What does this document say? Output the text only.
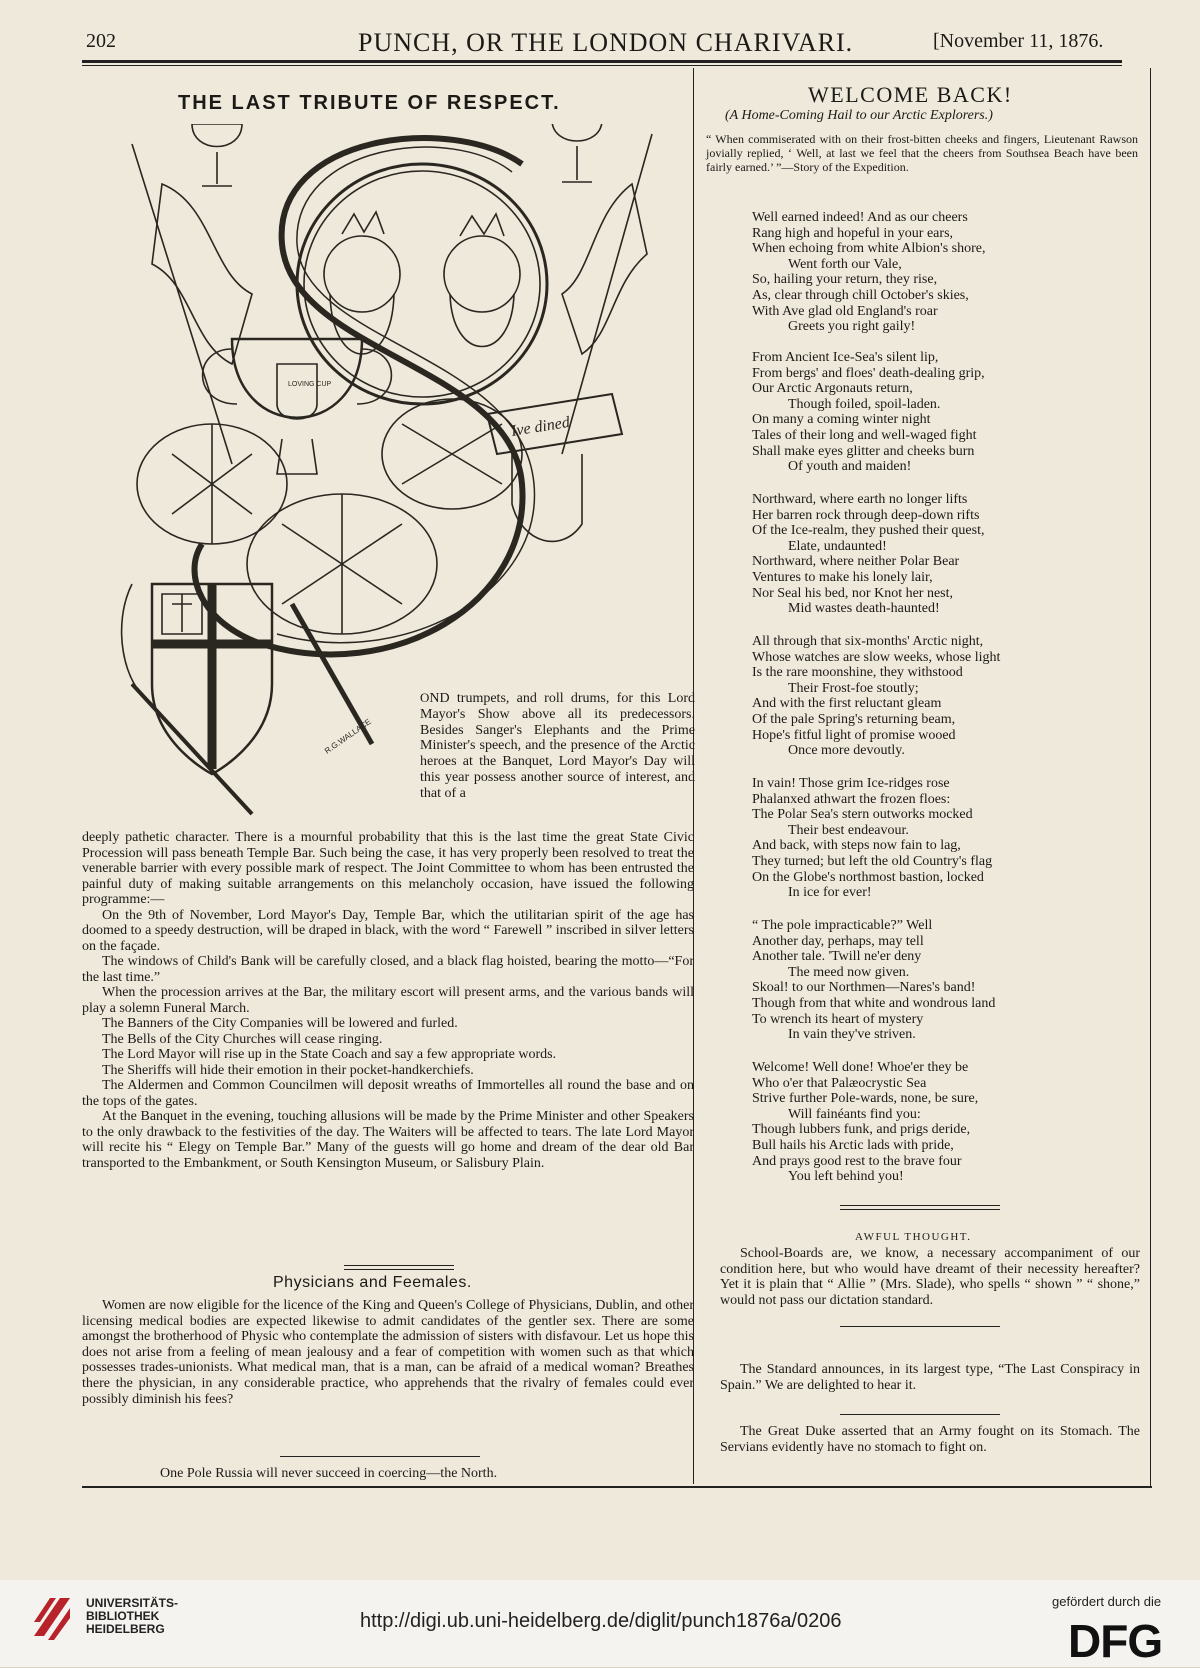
202	PUNCH, OR THE LONDON CHARIVARI.	[November 11, 1876.
THE LAST TRIBUTE OF RESPECT.
LOVING CUP
Ive dined
R.G.WALLACE
OND trumpets, and roll drums, for this Lord Mayor's Show above all its predecessors. Besides Sanger's Elephants and the Prime Minister's speech, and the presence of the Arctic heroes at the Banquet, Lord Mayor's Day will this year possess another source of interest, and that of a

deeply pathetic character. There is a mournful probability that this is the last time the great State Civic Procession will pass beneath Temple Bar. Such being the case, it has very properly been resolved to treat the venerable barrier with every possible mark of respect. The Joint Committee to whom has been entrusted the painful duty of making suitable arrangements on this melancholy occasion, have issued the following programme:—

On the 9th of November, Lord Mayor's Day, Temple Bar, which the utilitarian spirit of the age has doomed to a speedy destruction, will be draped in black, with the word “ Farewell ” inscribed in silver letters on the façade.

The windows of Child's Bank will be carefully closed, and a black flag hoisted, bearing the motto—“For the last time.”

When the procession arrives at the Bar, the military escort will present arms, and the various bands will play a solemn Funeral March.

The Banners of the City Companies will be lowered and furled.

The Bells of the City Churches will cease ringing.

The Lord Mayor will rise up in the State Coach and say a few appropriate words.

The Sheriffs will hide their emotion in their pocket-handkerchiefs.

The Aldermen and Common Councilmen will deposit wreaths of Immortelles all round the base and on the tops of the gates.

At the Banquet in the evening, touching allusions will be made by the Prime Minister and other Speakers to the only drawback to the festivities of the day. The Waiters will be affected to tears. The late Lord Mayor will recite his “ Elegy on Temple Bar.” Many of the guests will go home and dream of the dear old Bar transported to the Embankment, or South Kensington Museum, or Salisbury Plain.

Physicians and Feemales.
Women are now eligible for the licence of the King and Queen's College of Physicians, Dublin, and other licensing medical bodies are expected likewise to admit candidates of the gentler sex. There are some amongst the brotherhood of Physic who contemplate the admission of sisters with disfavour. Let us hope this does not arise from a feeling of mean jealousy and a fear of competition with women such as that which possesses trades-unionists. What medical man, that is a man, can be afraid of a medical woman? Breathes there the physician, in any considerable practice, who apprehends that the rivalry of females could ever possibly diminish his fees?
One Pole Russia will never succeed in coercing—the North.
WELCOME BACK!
(A Home-Coming Hail to our Arctic Explorers.)
“ When commiserated with on their frost-bitten cheeks and fingers, Lieutenant Rawson jovially replied, ‘ Well, at last we feel that the cheers from Southsea Beach have been fairly earned.’ ”—Story of the Expedition.
Well earned indeed! And as our cheers
Rang high and hopeful in your ears,
When echoing from white Albion's shore,
Went forth our Vale,
So, hailing your return, they rise,
As, clear through chill October's skies,
With Ave glad old England's roar
Greets you right gaily!
From Ancient Ice-Sea's silent lip,
From bergs' and floes' death-dealing grip,
Our Arctic Argonauts return,
Though foiled, spoil-laden.
On many a coming winter night
Tales of their long and well-waged fight
Shall make eyes glitter and cheeks burn
Of youth and maiden!
Northward, where earth no longer lifts
Her barren rock through deep-down rifts
Of the Ice-realm, they pushed their quest,
Elate, undaunted!
Northward, where neither Polar Bear
Ventures to make his lonely lair,
Nor Seal his bed, nor Knot her nest,
Mid wastes death-haunted!
All through that six-months' Arctic night,
Whose watches are slow weeks, whose light
Is the rare moonshine, they withstood
Their Frost-foe stoutly;
And with the first reluctant gleam
Of the pale Spring's returning beam,
Hope's fitful light of promise wooed
Once more devoutly.
In vain! Those grim Ice-ridges rose
Phalanxed athwart the frozen floes:
The Polar Sea's stern outworks mocked
Their best endeavour.
And back, with steps now fain to lag,
They turned; but left the old Country's flag
On the Globe's northmost bastion, locked
In ice for ever!
“ The pole impracticable?” Well
Another day, perhaps, may tell
Another tale. 'Twill ne'er deny
The meed now given.
Skoal! to our Northmen—Nares's band!
Though from that white and wondrous land
To wrench its heart of mystery
In vain they've striven.
Welcome! Well done! Whoe'er they be
Who o'er that Palæocrystic Sea
Strive further Pole-wards, none, be sure,
Will fainéants find you:
Though lubbers funk, and prigs deride,
Bull hails his Arctic lads with pride,
And prays good rest to the brave four
You left behind you!
AWFUL THOUGHT.
School-Boards are, we know, a necessary accompaniment of our condition here, but who would have dreamt of their necessity hereafter? Yet it is plain that “ Allie ” (Mrs. Slade), who spells “ shown ” “ shone,” would not pass our dictation standard.
The Standard announces, in its largest type, “The Last Conspiracy in Spain.” We are delighted to hear it.
The Great Duke asserted that an Army fought on its Stomach. The Servians evidently have no stomach to fight on.
UNIVERSITÄTS-
BIBLIOTHEK
HEIDELBERG	http://digi.ub.uni-heidelberg.de/diglit/punch1876a/0206
gefördert durch die
DFG
